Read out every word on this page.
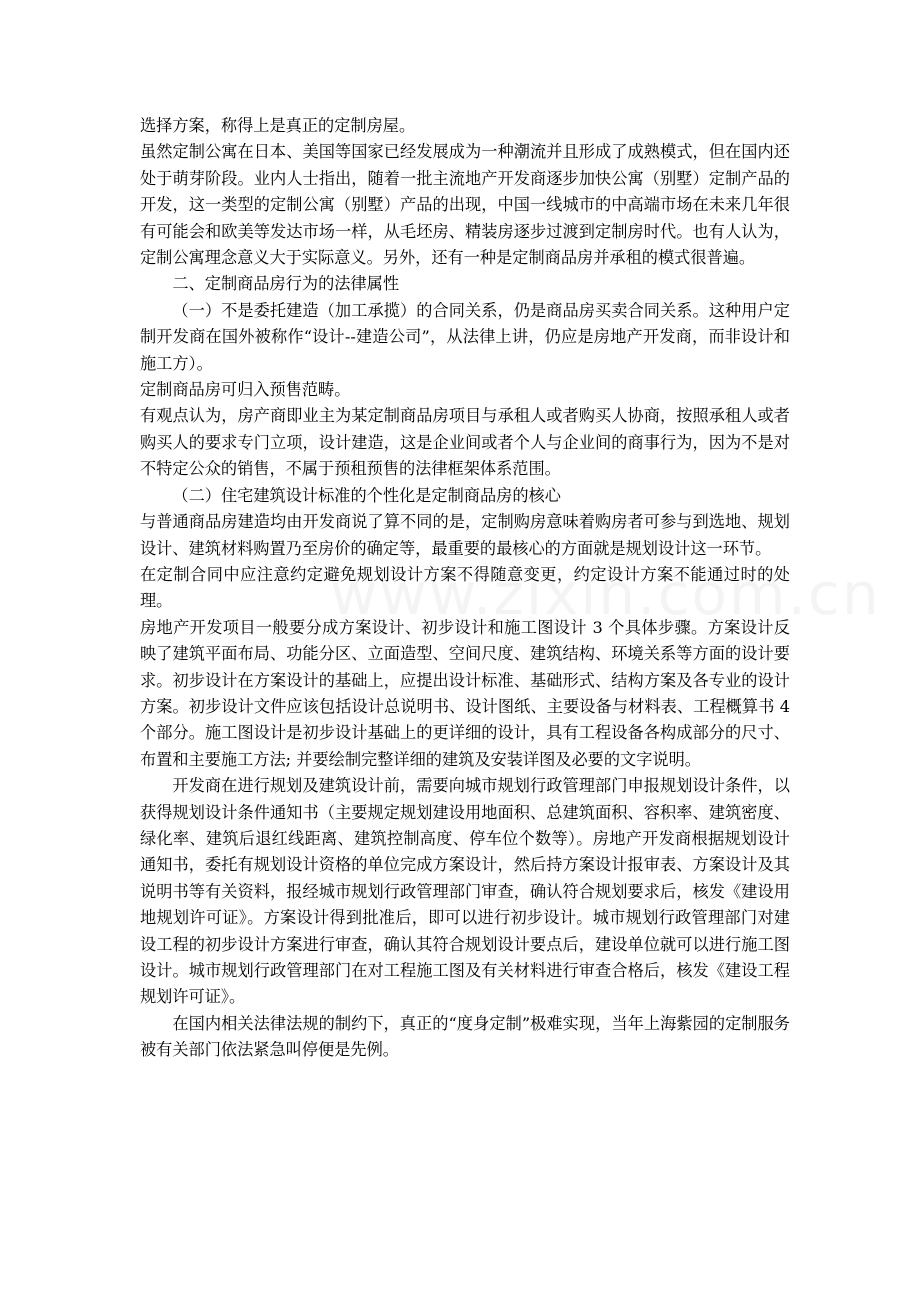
选择方案，称得上是真正的定制房屋。

虽然定制公寓在日本、美国等国家已经发展成为一种潮流并且形成了成熟模式，但在国内还处于萌芽阶段。业内人士指出，随着一批主流地产开发商逐步加快公寓（别墅）定制产品的开发，这一类型的定制公寓（别墅）产品的出现，中国一线城市的中高端市场在未来几年很有可能会和欧美等发达市场一样，从毛坯房、精装房逐步过渡到定制房时代。也有人认为，定制公寓理念意义大于实际意义。另外，还有一种是定制商品房并承租的模式很普遍。

二、定制商品房行为的法律属性

（一）不是委托建造（加工承揽）的合同关系，仍是商品房买卖合同关系。这种用户定制开发商在国外被称作“设计--建造公司”，从法律上讲，仍应是房地产开发商，而非设计和施工方）。

定制商品房可归入预售范畴。

有观点认为，房产商即业主为某定制商品房项目与承租人或者购买人协商，按照承租人或者购买人的要求专门立项，设计建造，这是企业间或者个人与企业间的商事行为，因为不是对不特定公众的销售，不属于预租预售的法律框架体系范围。

（二）住宅建筑设计标准的个性化是定制商品房的核心

与普通商品房建造均由开发商说了算不同的是，定制购房意味着购房者可参与到选地、规划设计、建筑材料购置乃至房价的确定等，最重要的最核心的方面就是规划设计这一环节。

在定制合同中应注意约定避免规划设计方案不得随意变更，约定设计方案不能通过时的处理。

房地产开发项目一般要分成方案设计、初步设计和施工图设计 3 个具体步骤。方案设计反映了建筑平面布局、功能分区、立面造型、空间尺度、建筑结构、环境关系等方面的设计要求。初步设计在方案设计的基础上，应提出设计标准、基础形式、结构方案及各专业的设计方案。初步设计文件应该包括设计总说明书、设计图纸、主要设备与材料表、工程概算书 4 个部分。施工图设计是初步设计基础上的更详细的设计，具有工程设备各构成部分的尺寸、布置和主要施工方法; 并要绘制完整详细的建筑及安装详图及必要的文字说明。

开发商在进行规划及建筑设计前，需要向城市规划行政管理部门申报规划设计条件，以获得规划设计条件通知书（主要规定规划建设用地面积、总建筑面积、容积率、建筑密度、绿化率、建筑后退红线距离、建筑控制高度、停车位个数等）。房地产开发商根据规划设计通知书，委托有规划设计资格的单位完成方案设计，然后持方案设计报审表、方案设计及其说明书等有关资料，报经城市规划行政管理部门审查，确认符合规划要求后，核发《建设用地规划许可证》。方案设计得到批准后，即可以进行初步设计。城市规划行政管理部门对建设工程的初步设计方案进行审查，确认其符合规划设计要点后，建设单位就可以进行施工图设计。城市规划行政管理部门在对工程施工图及有关材料进行审查合格后，核发《建设工程规划许可证》。

在国内相关法律法规的制约下，真正的“度身定制”极难实现，当年上海紫园的定制服务被有关部门依法紧急叫停便是先例。
